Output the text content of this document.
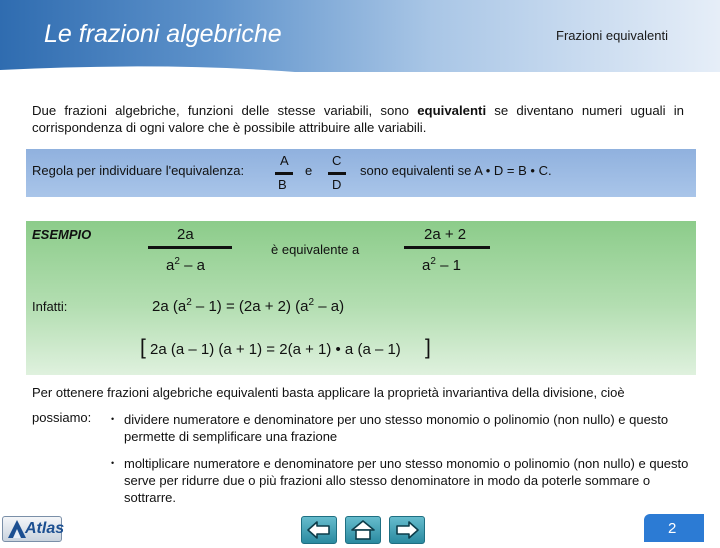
Le frazioni algebriche	Frazioni equivalenti
Due frazioni algebriche, funzioni delle stesse variabili, sono equivalenti se diventano numeri uguali in corrispondenza di ogni valore che è possibile attribuire alle variabili.
Regola per individuare l'equivalenza:
A
B
e
C
D
sono equivalenti se A • D = B • C.
ESEMPIO	2a
$a^2$ – a
è equivalente a
2a + 2
$a^2 - 1$
Infatti:	2a $(a^2 - 1) = (2a + 2)$ $(a^2 - a)$
[ 2a (a – 1) (a + 1) = 2(a + 1) • a (a – 1) ]
Per ottenere frazioni algebriche equivalenti basta applicare la proprietà invariantiva della divisione, cioè
possiamo: • dividere numeratore e denominatore per uno stesso monomio o polinomio (non nullo) e questo permette di semplificare una frazione
• moltiplicare numeratore e denominatore per uno stesso monomio o polinomio (non nullo) e questo serve per ridurre due o più frazioni allo stesso denominatore in modo da poterle sommare o sottrarre.
Atlas	2
